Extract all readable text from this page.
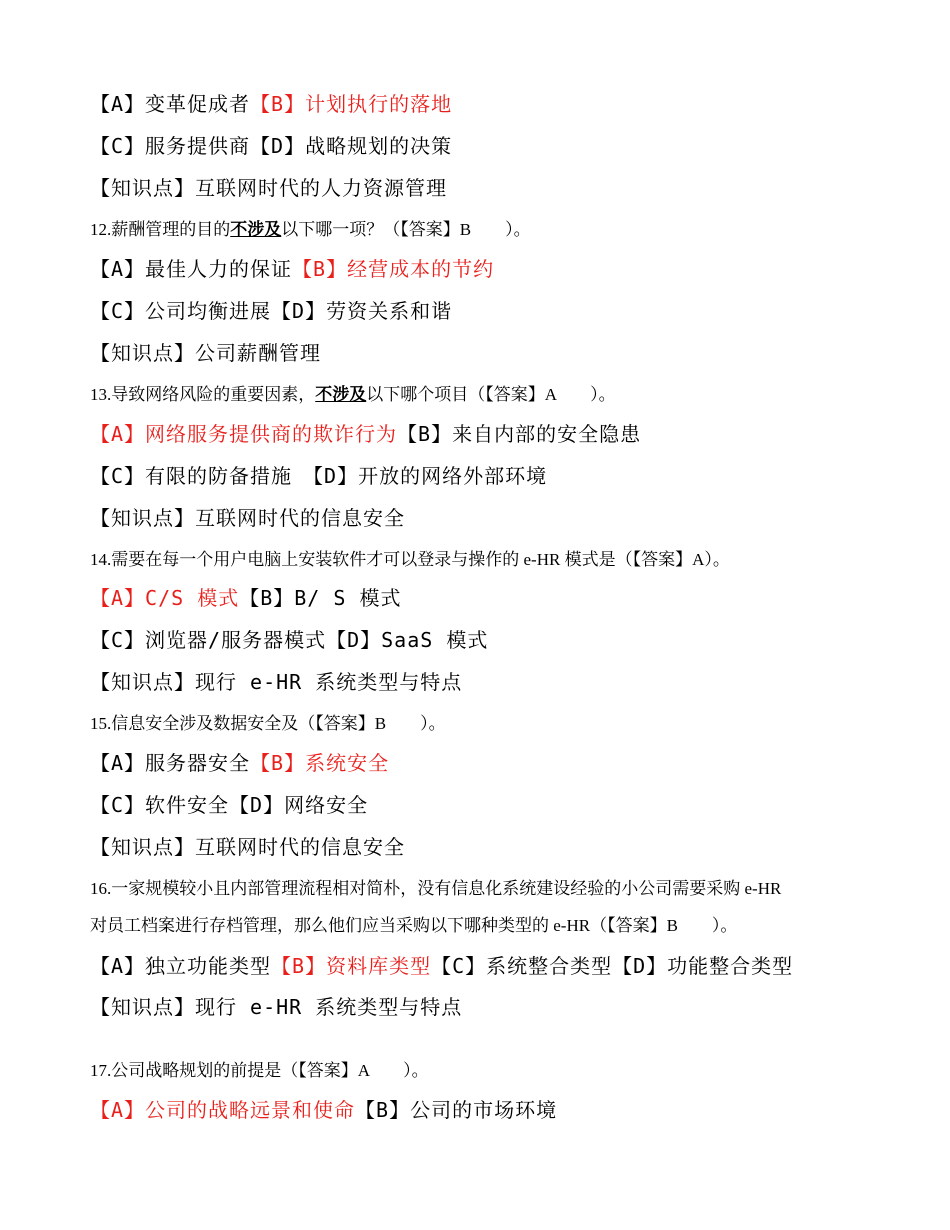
【A】变革促成者【B】计划执行的落地
【C】服务提供商【D】战略规划的决策
【知识点】互联网时代的人力资源管理
12.薪酬管理的目的不涉及以下哪一项？（【答案】B　　）。
【A】最佳人力的保证【B】经营成本的节约
【C】公司均衡进展【D】劳资关系和谐
【知识点】公司薪酬管理
13.导致网络风险的重要因素，不涉及以下哪个项目（【答案】A　　）。
【A】网络服务提供商的欺诈行为【B】来自内部的安全隐患
【C】有限的防备措施　【D】开放的网络外部环境
【知识点】互联网时代的信息安全
14.需要在每一个用户电脑上安装软件才可以登录与操作的 e-HR 模式是（【答案】A）。
【A】C/S 模式【B】B/ S 模式
【C】浏览器/服务器模式【D】SaaS 模式
【知识点】现行 e-HR 系统类型与特点
15.信息安全涉及数据安全及（【答案】B　　）。
【A】服务器安全【B】系统安全
【C】软件安全【D】网络安全
【知识点】互联网时代的信息安全
16.一家规模较小且内部管理流程相对简朴，没有信息化系统建设经验的小公司需要采购 e-HR
对员工档案进行存档管理，那么他们应当采购以下哪种类型的 e-HR（【答案】B　　）。
【A】独立功能类型【B】资料库类型【C】系统整合类型【D】功能整合类型
【知识点】现行 e-HR 系统类型与特点
17.公司战略规划的前提是（【答案】A　　）。
【A】公司的战略远景和使命【B】公司的市场环境
